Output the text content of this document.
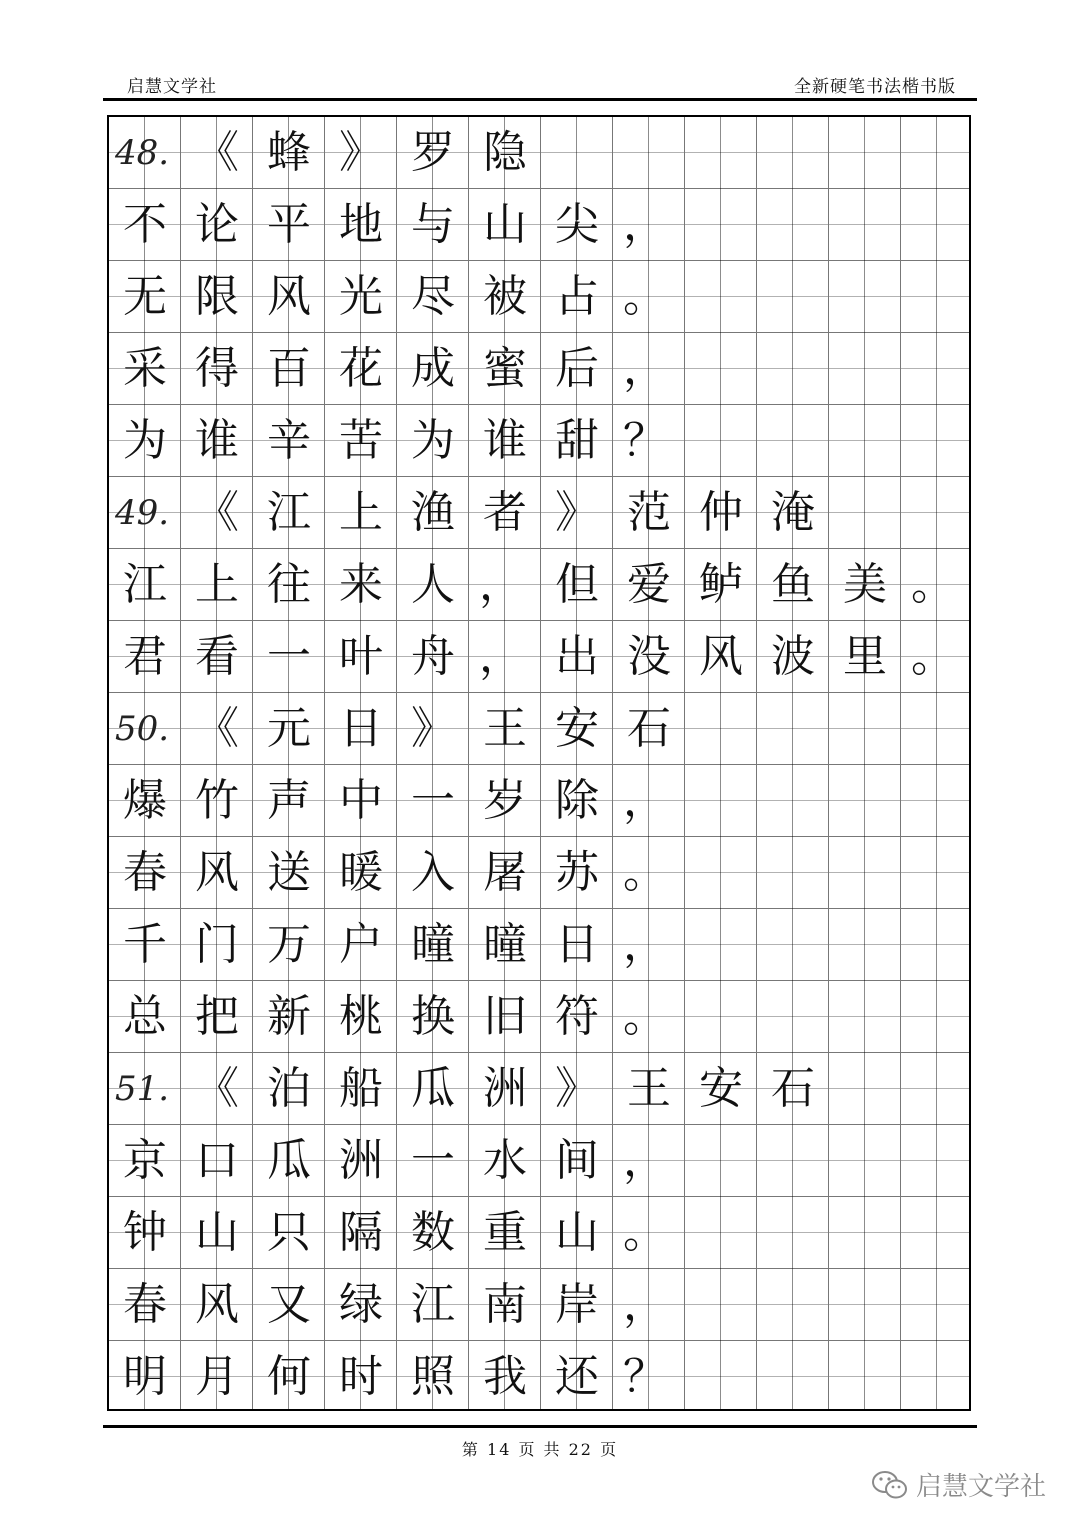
启慧文学社	全新硬笔书法楷书版
48. 《 蜂 》 罗 隐
不 论 平 地 与 山 尖 ，
无 限 风 光 尽 被 占 。
采 得 百 花 成 蜜 后 ，
为 谁 辛 苦 为 谁 甜 ？
49. 《 江 上 渔 者 》 范 仲 淹
江 上 往 来 人 ， 但 爱 鲈 鱼 美 。
君 看 一 叶 舟 ， 出 没 风 波 里 。
50. 《 元 日 》 王 安 石
爆 竹 声 中 一 岁 除 ，
春 风 送 暖 入 屠 苏 。
千 门 万 户 曈 曈 日 ，
总 把 新 桃 换 旧 符 。
51. 《 泊 船 瓜 洲 》 王 安 石
京 口 瓜 洲 一 水 间 ，
钟 山 只 隔 数 重 山 。
春 风 又 绿 江 南 岸 ，
明 月 何 时 照 我 还 ？
第 14 页 共 22 页
启慧文学社
